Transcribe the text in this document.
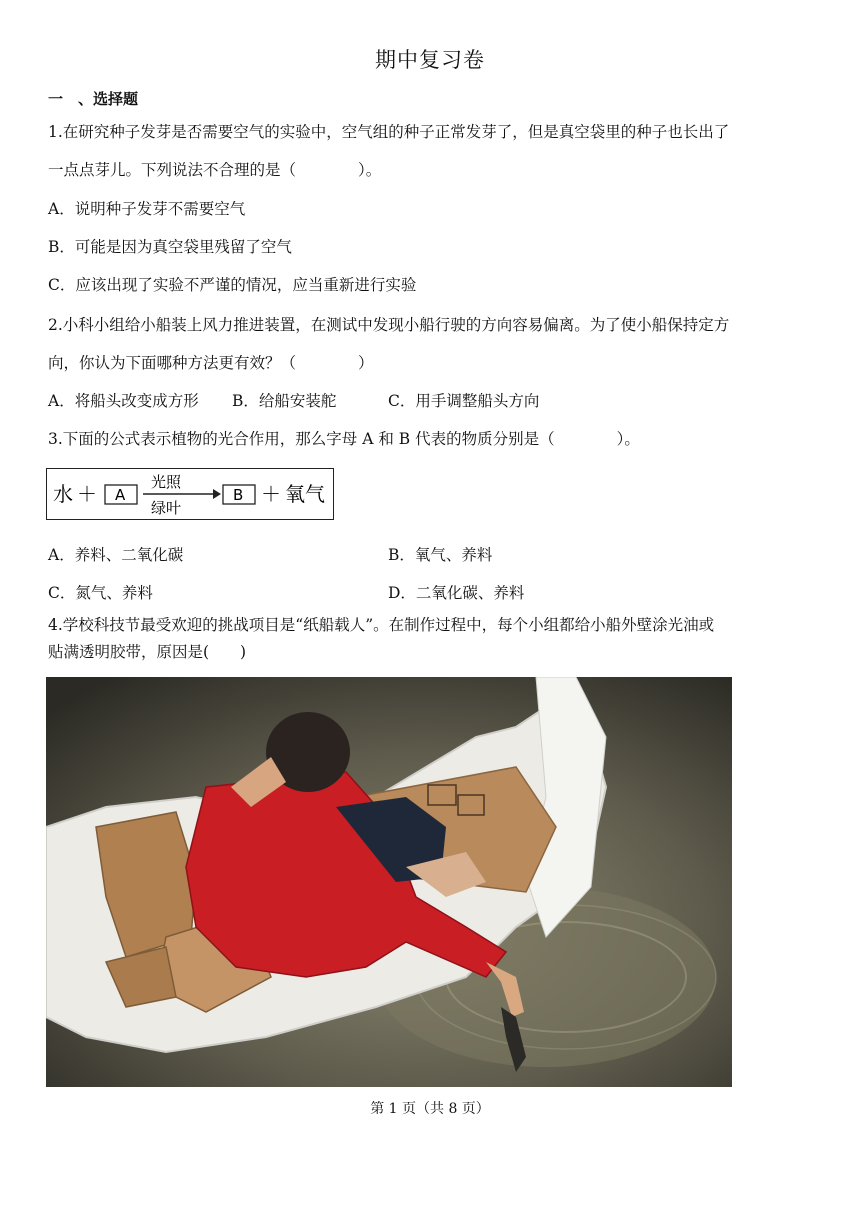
期中复习卷
一　、选择题
1.在研究种子发芽是否需要空气的实验中，空气组的种子正常发芽了，但是真空袋里的种子也长出了
一点点芽儿。下列说法不合理的是（　　　　）。
A．说明种子发芽不需要空气
B．可能是因为真空袋里残留了空气
C．应该出现了实验不严谨的情况，应当重新进行实验
2.小科小组给小船装上风力推进装置，在测试中发现小船行驶的方向容易偏离。为了使小船保持定方
向，你认为下面哪种方法更有效？（　　　　）
A．将船头改变成方形 B．给船安装舵	C．用手调整船头方向
3.下面的公式表示植物的光合作用，那么字母 A 和 B 代表的物质分别是（　　　　）。
水 ＋ A
光照
绿叶
B ＋ 氧气
A．养料、二氧化碳	B．氧气、养料
C．氮气、养料	D．二氧化碳、养料
4.学校科技节最受欢迎的挑战项目是“纸船载人”。在制作过程中，每个小组都给小船外壁涂光油或
贴满透明胶带，原因是(　　)
第 1 页（共 8 页）
